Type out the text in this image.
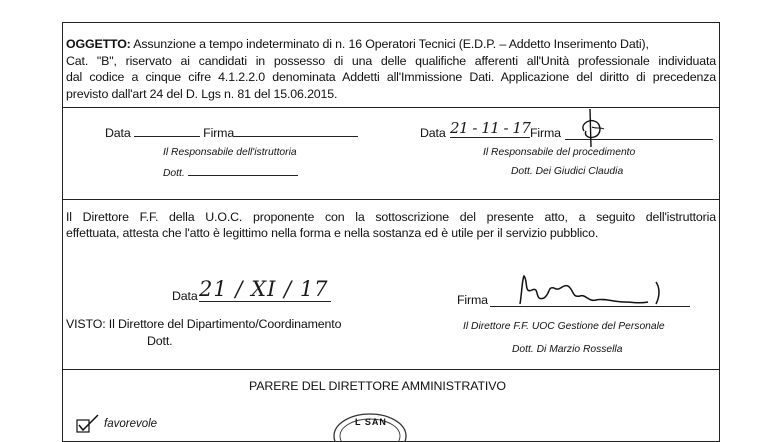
OGGETTO: Assunzione a tempo indeterminato di n. 16 Operatori Tecnici (E.D.P. – Addetto Inserimento Dati),
Cat. "B", riservato ai candidati in possesso di una delle qualifiche afferenti all'Unità professionale individuata
dal codice a cinque cifre 4.1.2.2.0 denominata Addetti all'Immissione Dati. Applicazione del diritto di precedenza
previsto dall'art 24 del D. Lgs n. 81 del 15.06.2015.
Data	Firma
Il Responsabile dell'istruttoria
Dott.
Data 21 - 11 - 17 Firma
Il Responsabile del procedimento
Dott. Dei Giudici Claudia
Il Direttore F.F. della U.O.C. proponente con la sottoscrizione del presente atto, a seguito dell'istruttoria
effettuata, attesta che l'atto è legittimo nella forma e nella sostanza ed è utile per il servizio pubblico.
Data 21 / XI / 17	Firma
VISTO: Il Direttore del Dipartimento/Coordinamento
Dott.
Il Direttore F.F. UOC Gestione del Personale
Dott. Di Marzio Rossella
PARERE DEL DIRETTORE AMMINISTRATIVO
favorevole	L SAN
